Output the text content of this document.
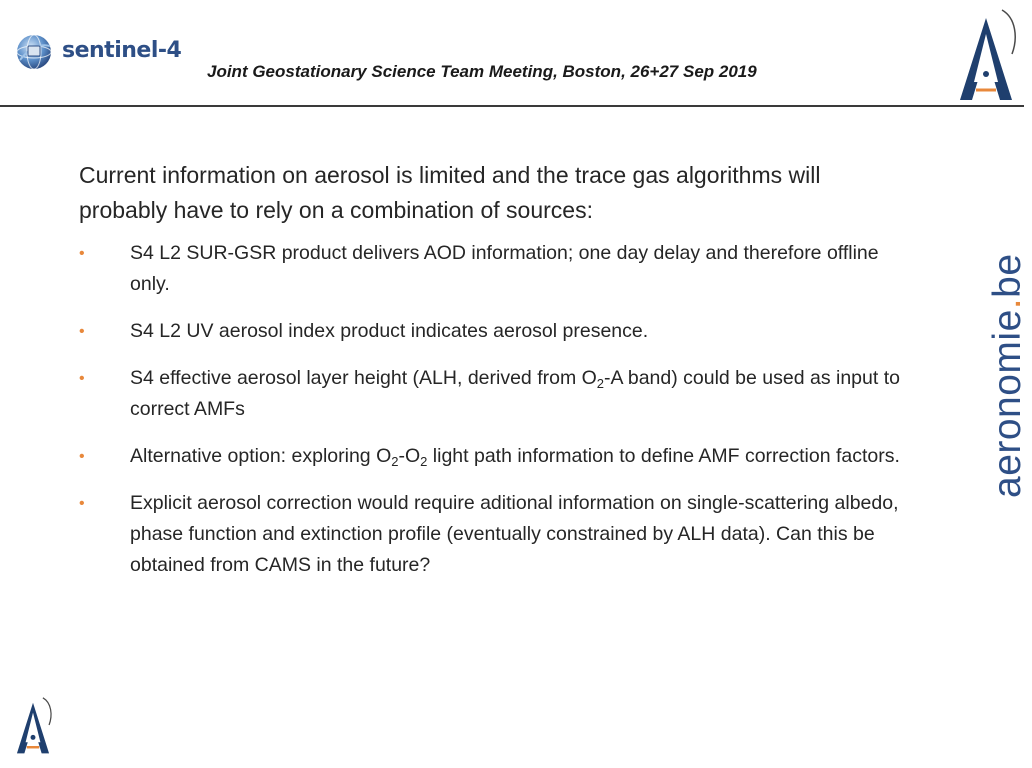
sentinel-4
Joint Geostationary Science Team Meeting, Boston, 26+27 Sep 2019
aeronomie.be

Current information on aerosol is limited and the trace gas algorithms will probably have to rely on a combination of sources:

• S4 L2 SUR-GSR product delivers AOD information; one day delay and therefore offline only.
• S4 L2 UV aerosol index product indicates aerosol presence.
• S4 effective aerosol layer height (ALH, derived from $O_2-A$ band) could be used as input to correct AMFs
• Alternative option: exploring $O_2-O_2$ light path information to define AMF correction factors.
• Explicit aerosol correction would require aditional information on single-scattering albedo, phase function and extinction profile (eventually constrained by ALH data). Can this be obtained from CAMS in the future?
